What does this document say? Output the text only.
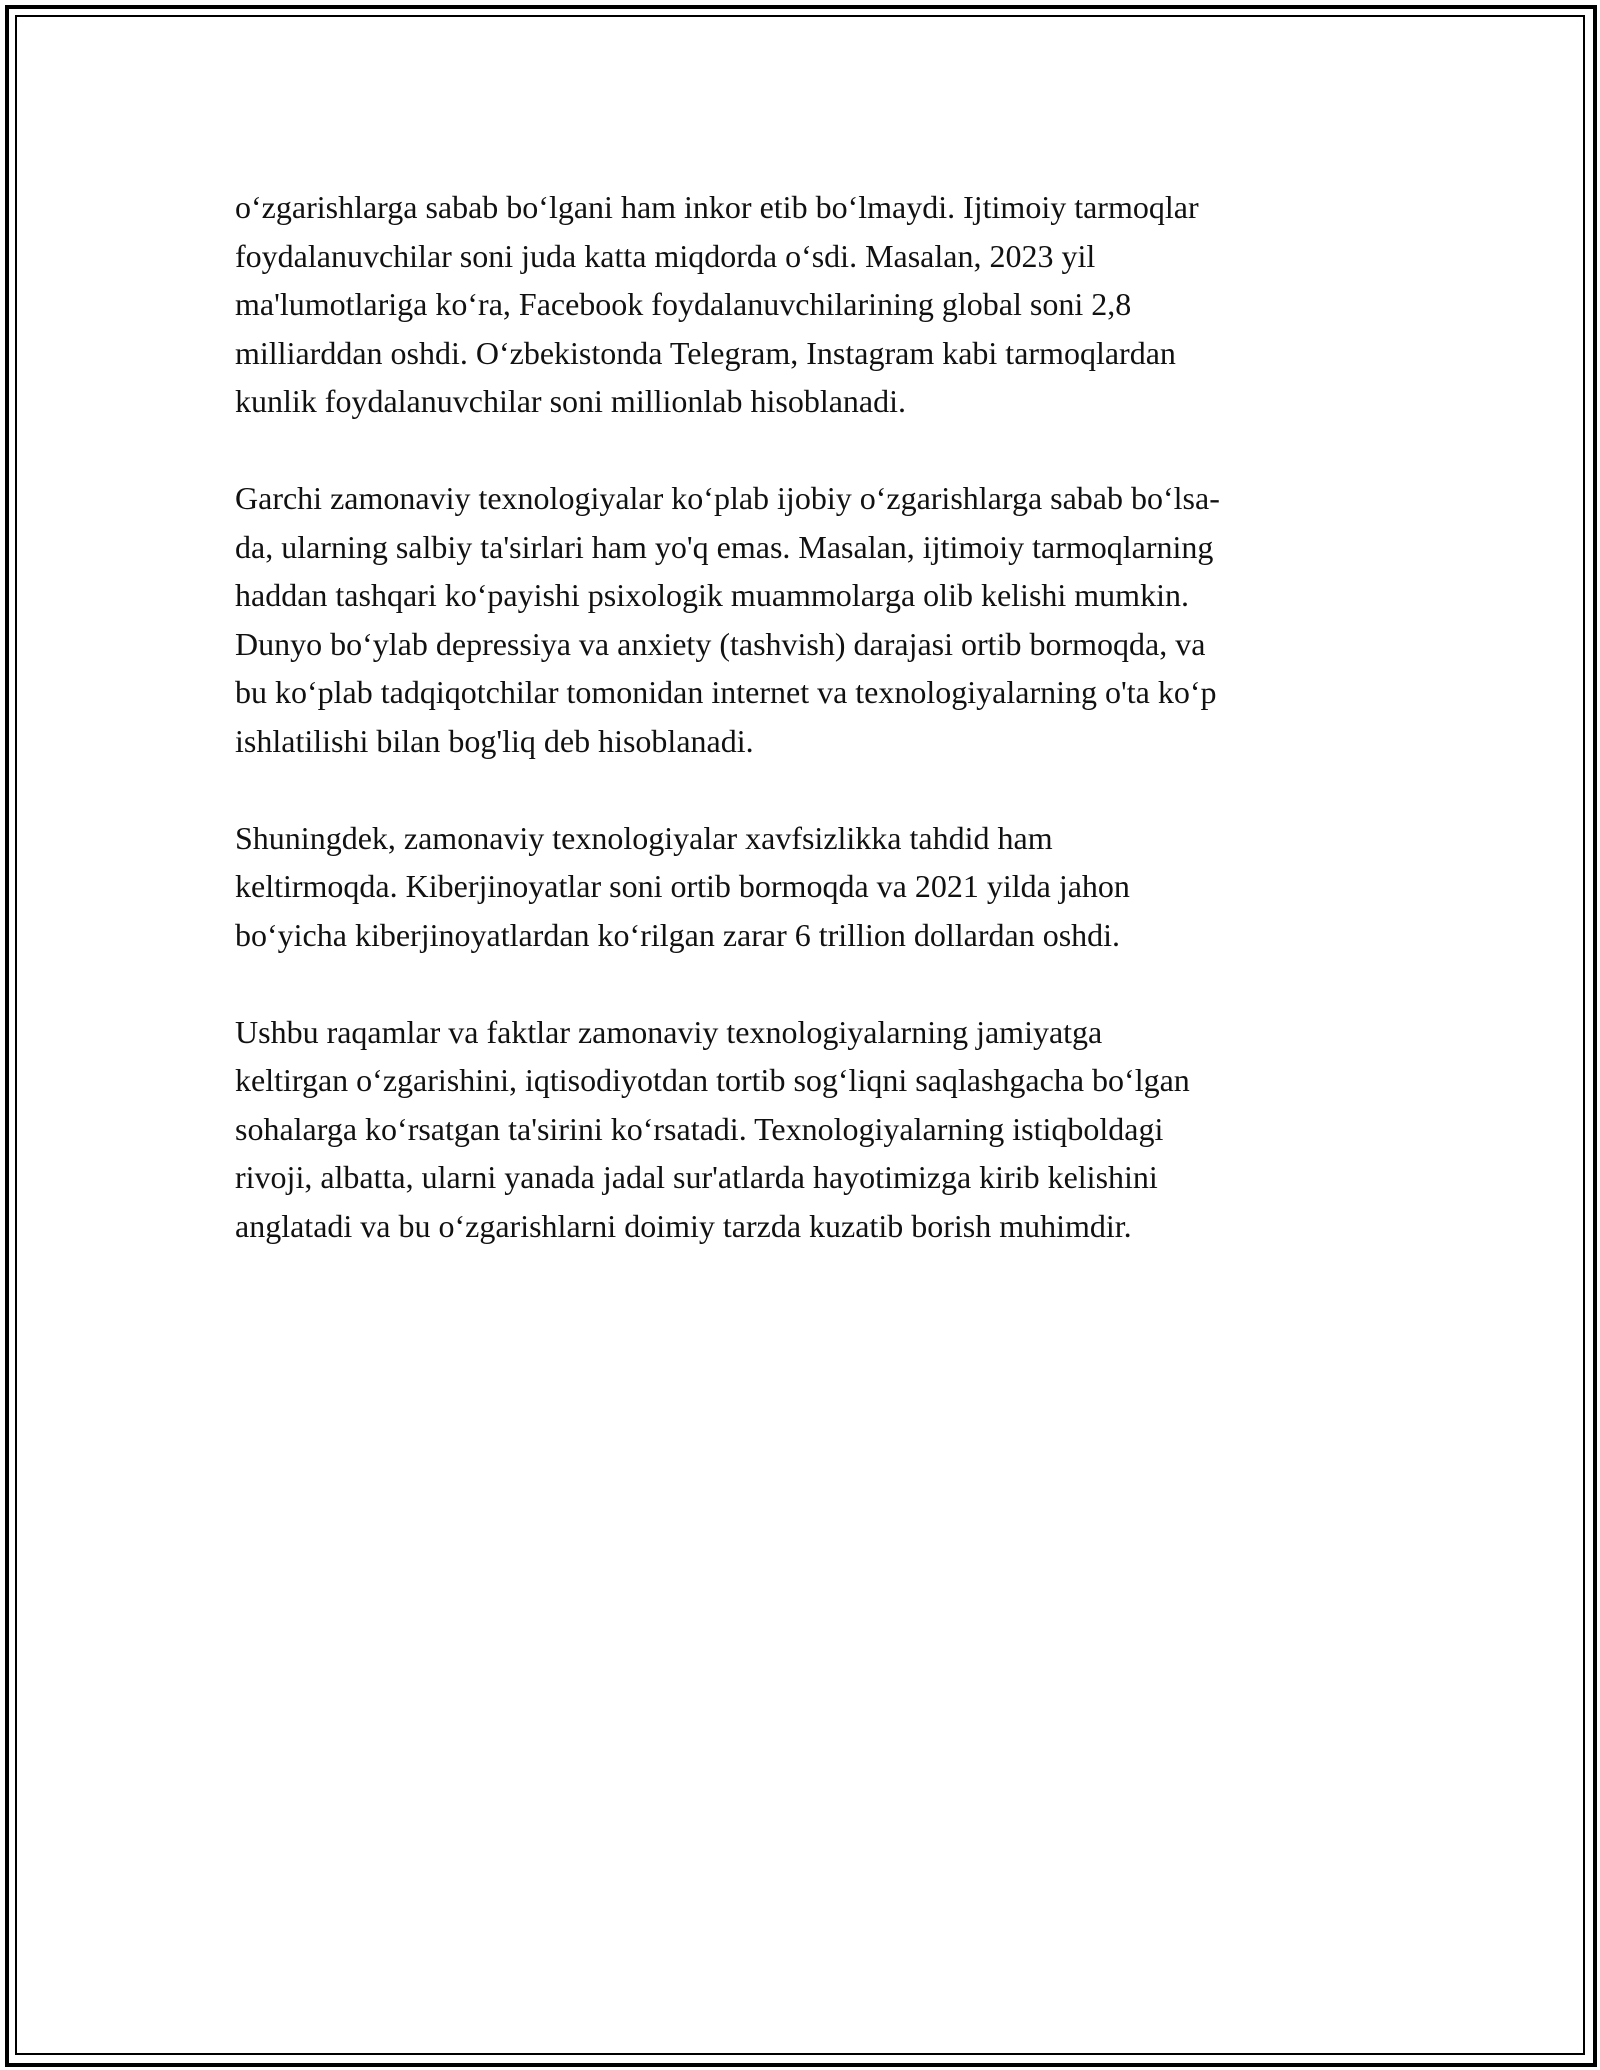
o‘zgarishlarga sabab bo‘lgani ham inkor etib bo‘lmaydi. Ijtimoiy tarmoqlar
foydalanuvchilar soni juda katta miqdorda o‘sdi. Masalan, 2023 yil
ma'lumotlariga ko‘ra, Facebook foydalanuvchilarining global soni 2,8
milliarddan oshdi. O‘zbekistonda Telegram, Instagram kabi tarmoqlardan
kunlik foydalanuvchilar soni millionlab hisoblanadi.
Garchi zamonaviy texnologiyalar ko‘plab ijobiy o‘zgarishlarga sabab bo‘lsa-
da, ularning salbiy ta'sirlari ham yo'q emas. Masalan, ijtimoiy tarmoqlarning
haddan tashqari ko‘payishi psixologik muammolarga olib kelishi mumkin.
Dunyo bo‘ylab depressiya va anxiety (tashvish) darajasi ortib bormoqda, va
bu ko‘plab tadqiqotchilar tomonidan internet va texnologiyalarning o'ta ko‘p
ishlatilishi bilan bog'liq deb hisoblanadi.
Shuningdek, zamonaviy texnologiyalar xavfsizlikka tahdid ham
keltirmoqda. Kiberjinoyatlar soni ortib bormoqda va 2021 yilda jahon
bo‘yicha kiberjinoyatlardan ko‘rilgan zarar 6 trillion dollardan oshdi.
Ushbu raqamlar va faktlar zamonaviy texnologiyalarning jamiyatga
keltirgan o‘zgarishini, iqtisodiyotdan tortib sog‘liqni saqlashgacha bo‘lgan
sohalarga ko‘rsatgan ta'sirini ko‘rsatadi. Texnologiyalarning istiqboldagi
rivoji, albatta, ularni yanada jadal sur'atlarda hayotimizga kirib kelishini
anglatadi va bu o‘zgarishlarni doimiy tarzda kuzatib borish muhimdir.
